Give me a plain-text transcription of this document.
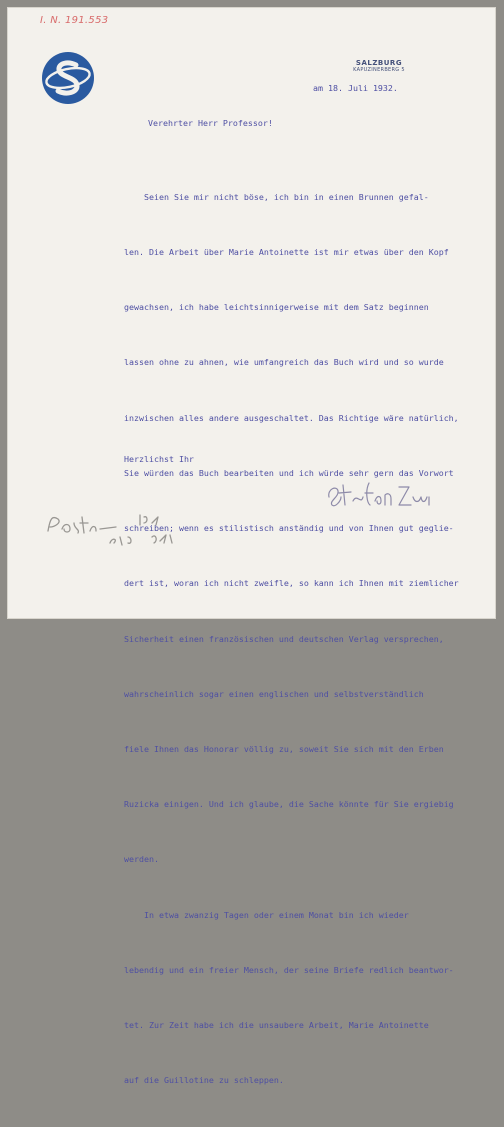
I. N. 191.553
SALZBURG
KAPUZINERBERG 5
am 18. Juli 1932.
Verehrter Herr Professor!

Seien Sie mir nicht böse, ich bin in einen Brunnen gefal-

len. Die Arbeit über Marie Antoinette ist mir etwas über den Kopf

gewachsen, ich habe leichtsinnigerweise mit dem Satz beginnen

lassen ohne zu ahnen, wie umfangreich das Buch wird und so wurde

inzwischen alles andere ausgeschaltet. Das Richtige wäre natürlich,

Sie würden das Buch bearbeiten und ich würde sehr gern das Vorwort

schreiben; wenn es stilistisch anständig und von Ihnen gut geglie-

dert ist, woran ich nicht zweifle, so kann ich Ihnen mit ziemlicher

Sicherheit einen französischen und deutschen Verlag versprechen,

wahrscheinlich sogar einen englischen und selbstverständlich

fiele Ihnen das Honorar völlig zu, soweit Sie sich mit den Erben

Ruzicka einigen. Und ich glaube, die Sache könnte für Sie ergiebig

werden.

In etwa zwanzig Tagen oder einem Monat bin ich wieder

lebendig und ein freier Mensch, der seine Briefe redlich beantwor-

tet. Zur Zeit habe ich die unsaubere Arbeit, Marie Antoinette

auf die Guillotine zu schleppen.

Herzlichst Ihr
